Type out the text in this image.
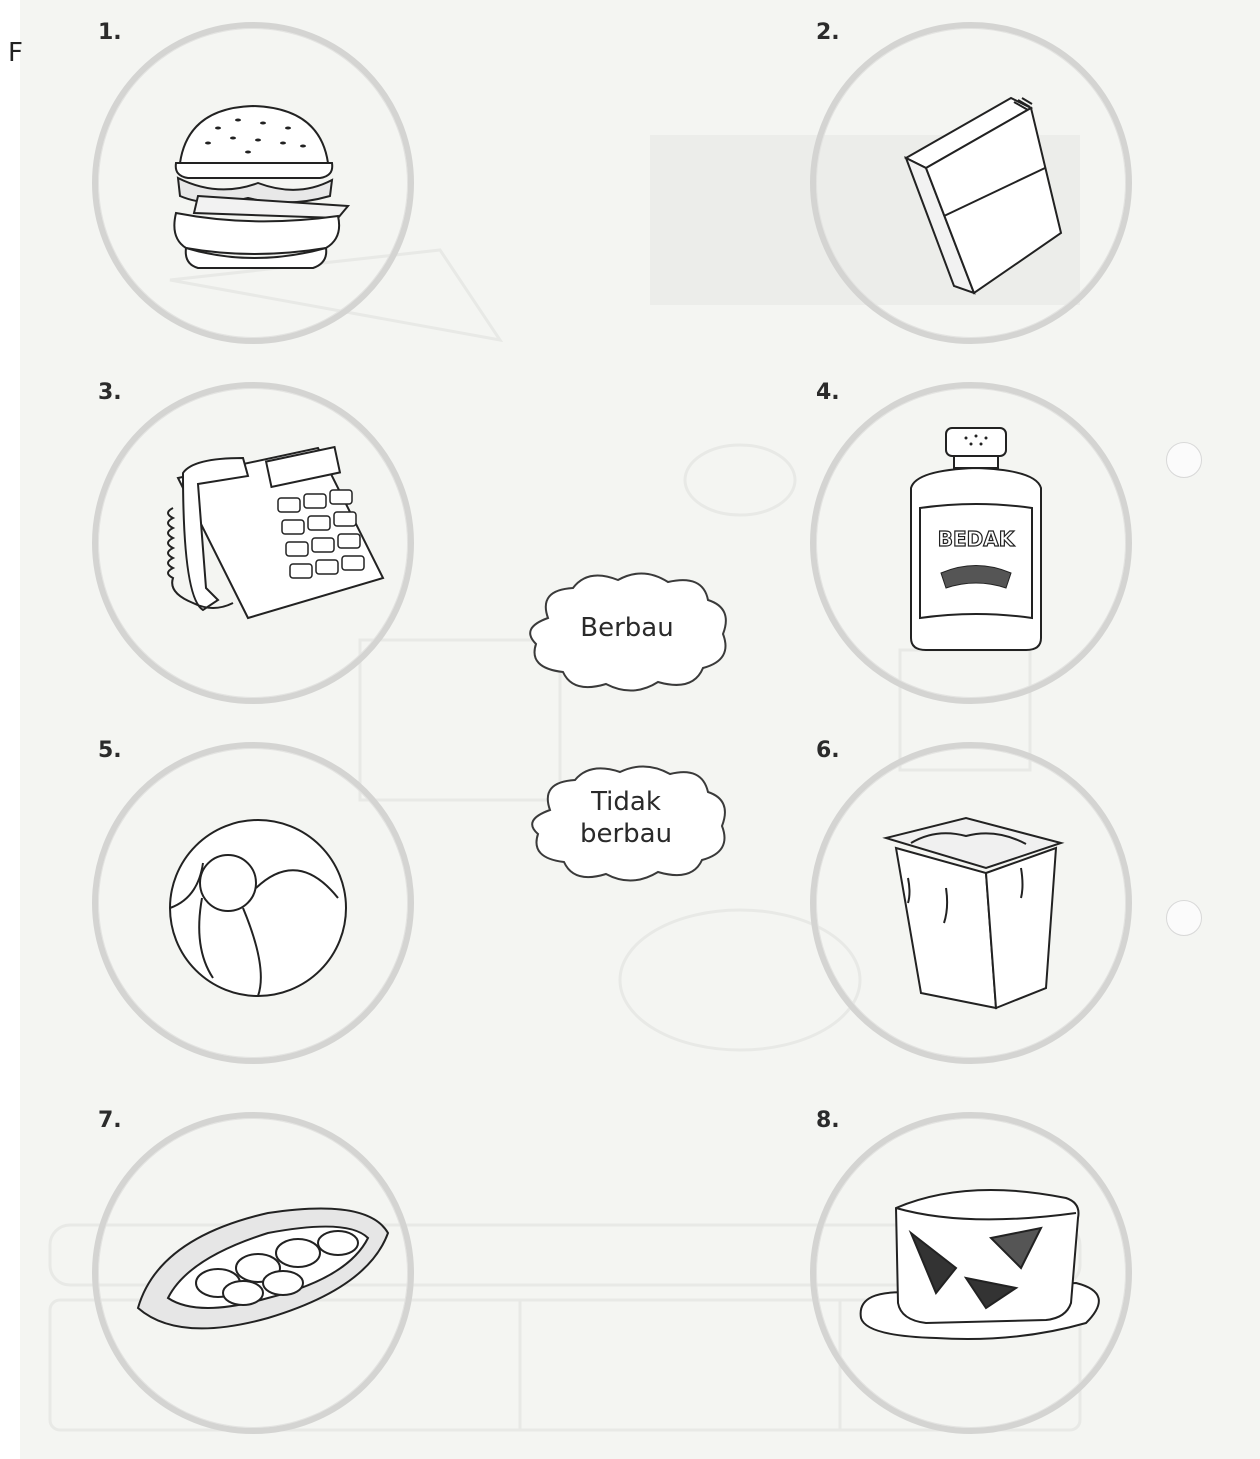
F
1.	2.
3.	4.
BEDAK
5.	6.
7.	8.
Berbau
Tidak
berbau
